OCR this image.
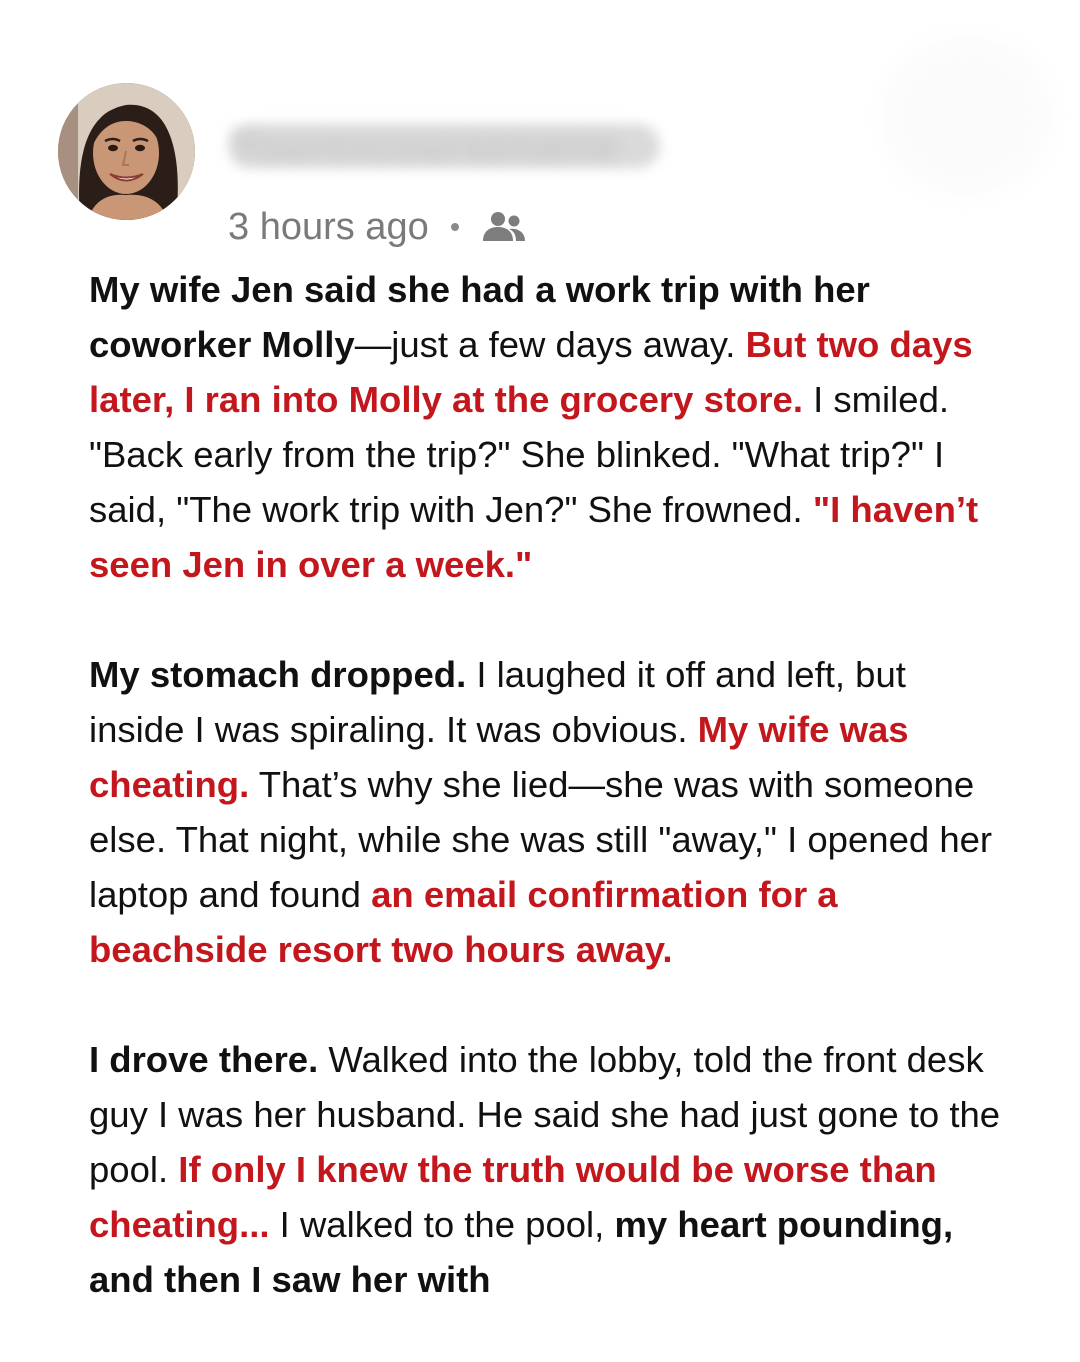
Yourexcoursename
3 hours ago

My wife Jen said she had a work trip with her coworker Molly—just a few days away. But two days later, I ran into Molly at the grocery store. I smiled. "Back early from the trip?" She blinked. "What trip?" I said, "The work trip with Jen?" She frowned. "I haven’t seen Jen in over a week."

My stomach dropped. I laughed it off and left, but inside I was spiraling. It was obvious. My wife was cheating. That’s why she lied—she was with someone else. That night, while she was still "away," I opened her laptop and found an email confirmation for a beachside resort two hours away.

I drove there. Walked into the lobby, told the front desk guy I was her husband. He said she had just gone to the pool. If only I knew the truth would be worse than cheating... I walked to the pool, my heart pounding, and then I saw her with
